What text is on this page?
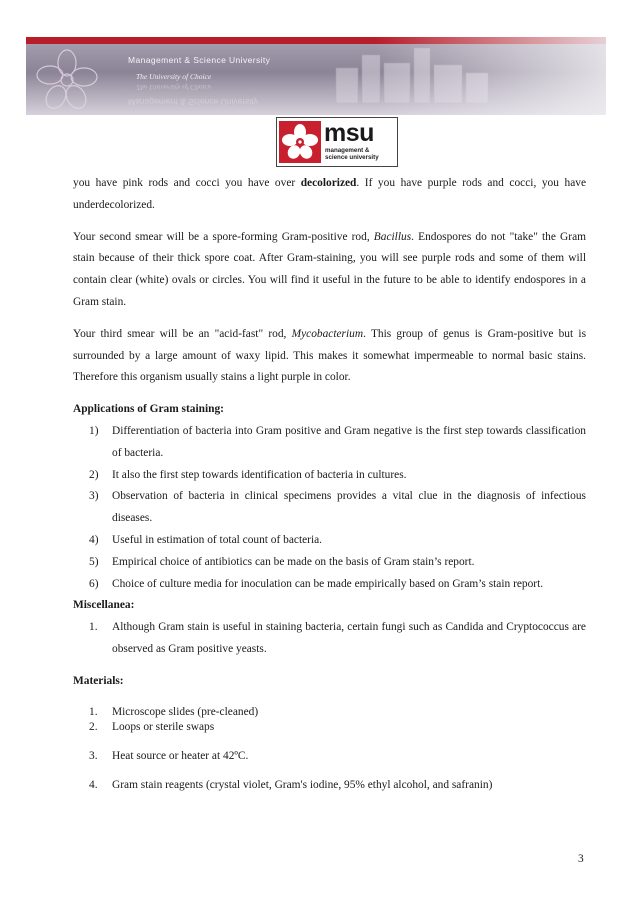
Management & Science University
The University of Choice
The University of Choice
Management & Science University
msu
management &
science university

you have pink rods and cocci you have over decolorized. If you have purple rods and cocci, you have underdecolorized.

Your second smear will be a spore-forming Gram-positive rod, Bacillus. Endospores do not "take" the Gram stain because of their thick spore coat. After Gram-staining, you will see purple rods and some of them will contain clear (white) ovals or circles. You will find it useful in the future to be able to identify endospores in a Gram stain.

Your third smear will be an "acid-fast" rod, Mycobacterium. This group of genus is Gram-positive but is surrounded by a large amount of waxy lipid. This makes it somewhat impermeable to normal basic stains. Therefore this organism usually stains a light purple in color.

Applications of Gram staining:

1) Differentiation of bacteria into Gram positive and Gram negative is the first step towards classification of bacteria.
2) It also the first step towards identification of bacteria in cultures.
3) Observation of bacteria in clinical specimens provides a vital clue in the diagnosis of infectious diseases.
4) Useful in estimation of total count of bacteria.
5) Empirical choice of antibiotics can be made on the basis of Gram stain’s report.
6) Choice of culture media for inoculation can be made empirically based on Gram’s stain report.

Miscellanea:

1. Although Gram stain is useful in staining bacteria, certain fungi such as Candida and Cryptococcus are observed as Gram positive yeasts.

Materials:

1. Microscope slides (pre-cleaned)
2. Loops or sterile swaps
3. Heat source or heater at 42ºC.
4. Gram stain reagents (crystal violet, Gram's iodine, 95% ethyl alcohol, and safranin)
3
